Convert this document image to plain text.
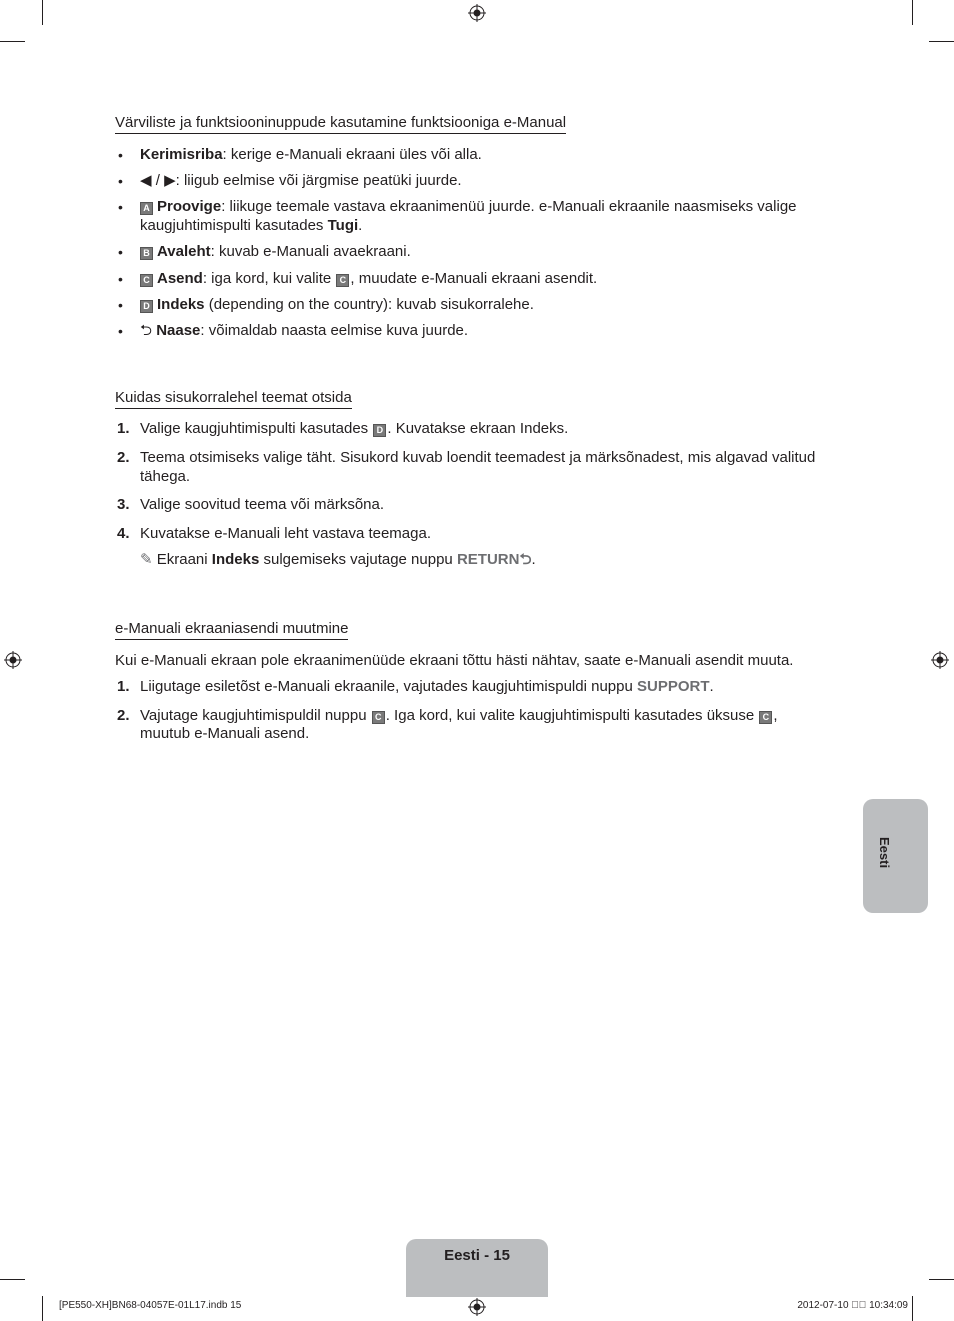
Värviliste ja funktsiooninuppude kasutamine funktsiooniga e-Manual
• Kerimisriba: kerige e-Manuali ekraani üles või alla.
• ◀ / ▶: liigub eelmise või järgmise peatüki juurde.
•	A Proovige: liikuge teemale vastava ekraanimenüü juurde. e-Manuali ekraanile naasmiseks valige
kaugjuhtimispulti kasutades Tugi.
•	B Avaleht: kuvab e-Manuali avaekraani.
•	C Asend: iga kord, kui valite C , muudate e-Manuali ekraani asendit.
•	D Indeks (depending on the country): kuvab sisukorralehe.
• ⮌ Naase: võimaldab naasta eelmise kuva juurde.
Kuidas sisukorralehel teemat otsida
1. Valige kaugjuhtimispulti kasutades D . Kuvatakse ekraan Indeks.
2. Teema otsimiseks valige täht. Sisukord kuvab loendit teemadest ja märksõnadest, mis algavad valitud
tähega.
3. Valige soovitud teema või märksõna.
4. Kuvatakse e-Manuali leht vastava teemaga.
✎ Ekraani Indeks sulgemiseks vajutage nuppu RETURN⮌.
e-Manuali ekraaniasendi muutmine
Kui e-Manuali ekraan pole ekraanimenüüde ekraani tõttu hästi nähtav, saate e-Manuali asendit muuta.
1. Liigutage esiletõst e-Manuali ekraanile, vajutades kaugjuhtimispuldi nuppu SUPPORT.
2. Vajutage kaugjuhtimispuldil nuppu C . Iga kord, kui valite kaugjuhtimispulti kasutades üksuse C ,
muutub e-Manuali asend.
Eesti
Eesti - 15
[PE550-XH]BN68-04057E-01L17.indb 15	2012-07-10 ￿￿ 10:34:09
